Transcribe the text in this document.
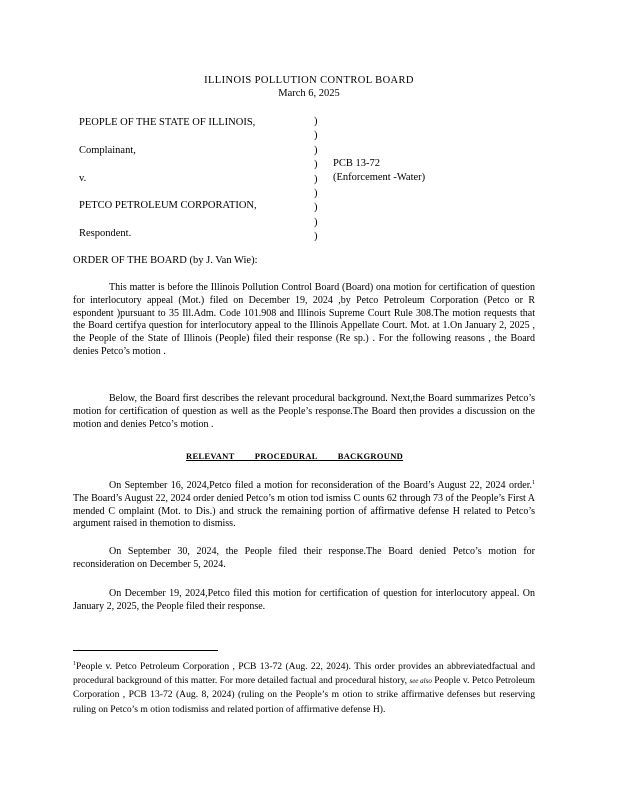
ILLINOIS POLLUTION CONTROL BOARD
March 6, 2025
PEOPLE OF THE STATE OF ILLINOIS,
Complainant,
v.
PETCO PETROLEUM CORPORATION,
Respondent.
)
)
)
)
)
)
)
)
)
PCB 13-72
(Enforcement -Water)
ORDER OF THE BOARD (by J. Van Wie):
This matter is before the Illinois Pollution Control Board (Board) ona motion for certification of question for interlocutory appeal (Mot.) filed on December 19, 2024 ,by Petco Petroleum Corporation (Petco or R espondent )pursuant to 35 Ill.Adm. Code 101.908 and Illinois Supreme Court Rule 308.The motion requests that the Board certifya question for interlocutory appeal to the Illinois Appellate Court. Mot. at 1.On January 2, 2025 , the People of the State of Illinois (People) filed their response (Re sp.) . For the following reasons , the Board denies Petco’s motion .
Below, the Board first describes the relevant procedural background. Next,the Board summarizes Petco’s motion for certification of question as well as the People’s response.The Board then provides a discussion on the motion and denies Petco’s motion .
RELEVANT PROCEDURAL BACKGROUND
On September 16, 2024,Petco filed a motion for reconsideration of the Board’s August 22, 2024 order.$^1$ The Board’s August 22, 2024 order denied Petco’s m otion tod ismiss C ounts 62 through 73 of the People’s First A mended C omplaint (Mot. to Dis.) and struck the remaining portion of affirmative defense H related to Petco’s argument raised in themotion to dismiss.
On September 30, 2024, the People filed their response.The Board denied Petco’s motion for reconsideration on December 5, 2024.
On December 19, 2024,Petco filed this motion for certification of question for interlocutory appeal. On January 2, 2025, the People filed their response.
$^1$People v. Petco Petroleum Corporation , PCB 13-72 (Aug. 22, 2024). This order provides an abbreviatedfactual and procedural background of this matter. For more detailed factual and procedural history, see also People v. Petco Petroleum Corporation , PCB 13-72 (Aug. 8, 2024) (ruling on the People’s m otion to strike affirmative defenses but reserving ruling on Petco’s m otion todismiss and related portion of affirmative defense H).
